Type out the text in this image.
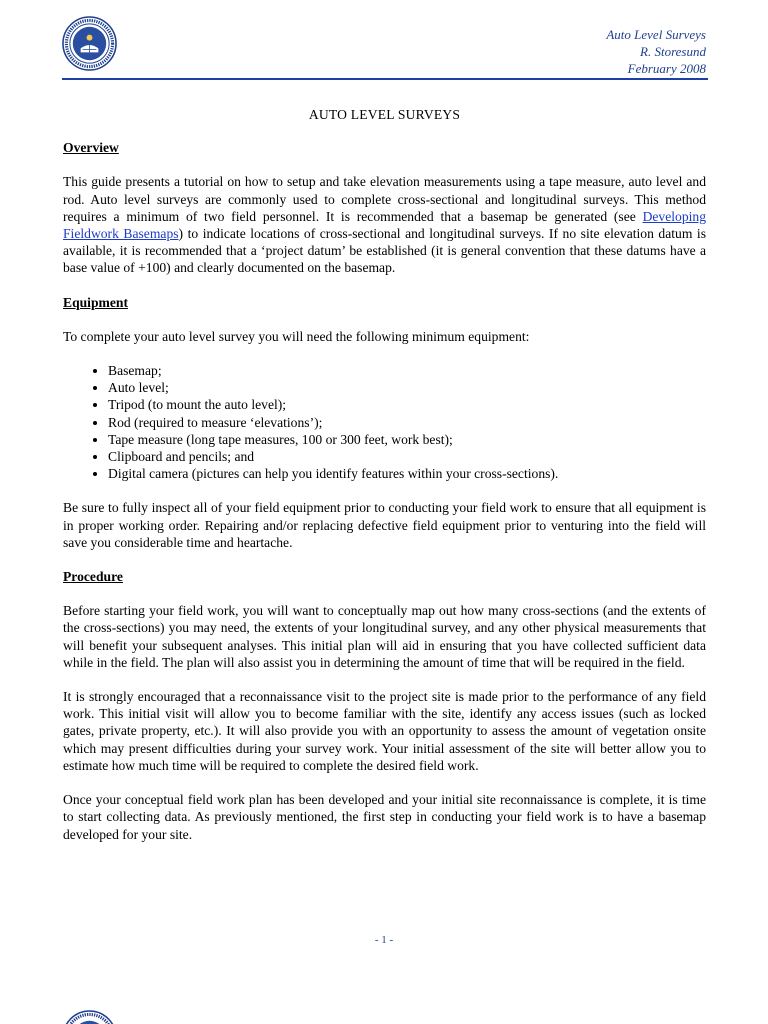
Auto Level Surveys
R. Storesund
February 2008
AUTO LEVEL SURVEYS
Overview

This guide presents a tutorial on how to setup and take elevation measurements using a tape measure, auto level and rod. Auto level surveys are commonly used to complete cross-sectional and longitudinal surveys. This method requires a minimum of two field personnel. It is recommended that a basemap be generated (see Developing Fieldwork Basemaps) to indicate locations of cross-sectional and longitudinal surveys. If no site elevation datum is available, it is recommended that a ‘project datum’ be established (it is general convention that these datums have a base value of +100) and clearly documented on the basemap.

Equipment

To complete your auto level survey you will need the following minimum equipment:

• Basemap;
• Auto level;
• Tripod (to mount the auto level);
• Rod (required to measure ‘elevations’);
• Tape measure (long tape measures, 100 or 300 feet, work best);
• Clipboard and pencils; and
• Digital camera (pictures can help you identify features within your cross-sections).

Be sure to fully inspect all of your field equipment prior to conducting your field work to ensure that all equipment is in proper working order. Repairing and/or replacing defective field equipment prior to venturing into the field will save you considerable time and heartache.

Procedure

Before starting your field work, you will want to conceptually map out how many cross-sections (and the extents of the cross-sections) you may need, the extents of your longitudinal survey, and any other physical measurements that will benefit your subsequent analyses. This initial plan will aid in ensuring that you have collected sufficient data while in the field. The plan will also assist you in determining the amount of time that will be required in the field.

It is strongly encouraged that a reconnaissance visit to the project site is made prior to the performance of any field work. This initial visit will allow you to become familiar with the site, identify any access issues (such as locked gates, private property, etc.). It will also provide you with an opportunity to assess the amount of vegetation onsite which may present difficulties during your survey work. Your initial assessment of the site will better allow you to estimate how much time will be required to complete the desired field work.

Once your conceptual field work plan has been developed and your initial site reconnaissance is complete, it is time to start collecting data. As previously mentioned, the first step in conducting your field work is to have a basemap developed for your site.

- 1 -
